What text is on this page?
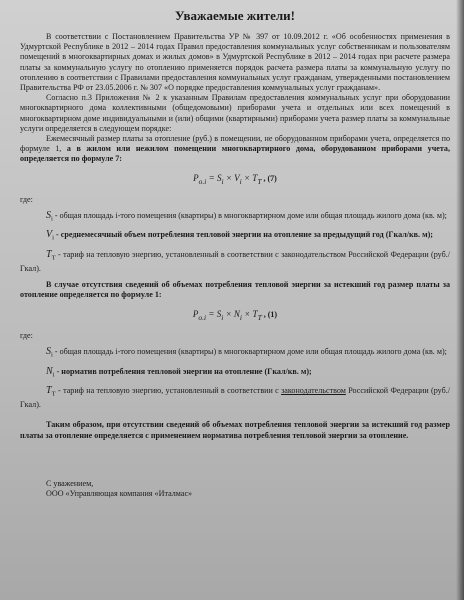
Уважаемые жители!

В соответствии с Постановлением Правительства УР № 397 от 10.09.2012 г. «Об особенностях применения в Удмуртской Республике в 2012 – 2014 годах Правил предоставления коммунальных услуг собственникам и пользователям помещений в многоквартирных домах и жилых домов» в Удмуртской Республике в 2012 – 2014 годах при расчете размера платы за коммунальную услугу по отоплению применяется порядок расчета размера платы за коммунальную услугу по отоплению в соответствии с Правилами предоставления коммунальных услуг гражданам, утвержденными постановлением Правительства РФ от 23.05.2006 г. № 307 «О порядке предоставления коммунальных услуг гражданам».

Согласно п.3 Приложения № 2 к указанным Правилам предоставления коммунальных услуг при оборудовании многоквартирного дома коллективными (общедомовыми) приборами учета и отдельных или всех помещений в многоквартирном доме индивидуальными и (или) общими (квартирными) приборами учета размер платы за коммунальные услуги определяется в следующем порядке:

Ежемесячный размер платы за отопление (руб.) в помещении, не оборудованном приборами учета, определяется по формуле 1, а в жилом или нежилом помещении многоквартирного дома, оборудованном приборами учета, определяется по формуле 7:

$P_{o.i} = S_i \times V_i \times T_T$ , (7)

где:

$S_i$ - общая площадь i-того помещения (квартиры) в многоквартирном доме или общая площадь жилого дома (кв. м);

$V_i$ - среднемесячный объем потребления тепловой энергии на отопление за предыдущий год (Гкал/кв. м);

$T_T$ - тариф на тепловую энергию, установленный в соответствии с законодательством Российской Федерации (руб./Гкал).

В случае отсутствия сведений об объемах потребления тепловой энергии за истекший год размер платы за отопление определяется по формуле 1:

$P_{o.i} = S_i \times N_i \times T_T$ , (1)

где:

$S_i$ - общая площадь i-того помещения (квартиры) в многоквартирном доме или общая площадь жилого дома (кв. м);

$N_i$ - норматив потребления тепловой энергии на отопление (Гкал/кв. м);

$T_T$ - тариф на тепловую энергию, установленный в соответствии с законодательством Российской Федерации (руб./Гкал).

Таким образом, при отсутствии сведений об объемах потребления тепловой энергии за истекший год размер платы за отопление определяется с применением норматива потребления тепловой энергии за отопление.

С уважением,

ООО «Управляющая компания «Италмас»
